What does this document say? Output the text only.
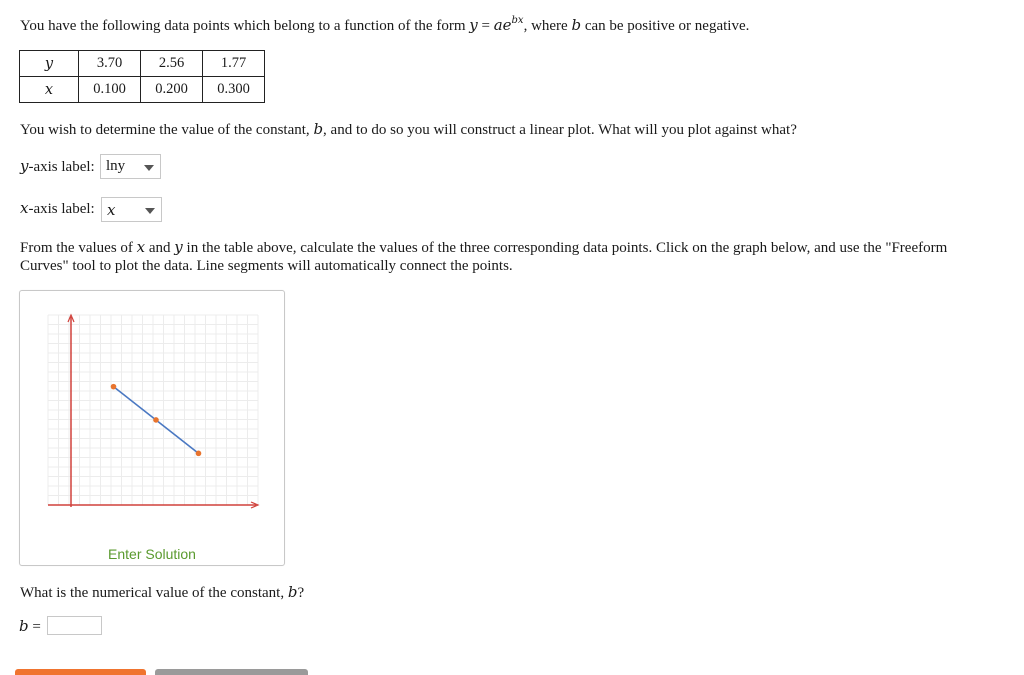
You have the following data points which belong to a function of the form $y = ae^{bx}$, where b can be positive or negative.
y	3.70	2.56	1.77
x	0.100	0.200	0.300
You wish to determine the value of the constant, b, and to do so you will construct a linear plot. What will you plot against what?
y-axis label: lny
x-axis label: x
From the values of x and y in the table above, calculate the values of the three corresponding data points. Click on the graph below, and use the "Freeform Curves" tool to plot the data. Line segments will automatically connect the points.
Enter Solution
What is the numerical value of the constant, b?
b =
